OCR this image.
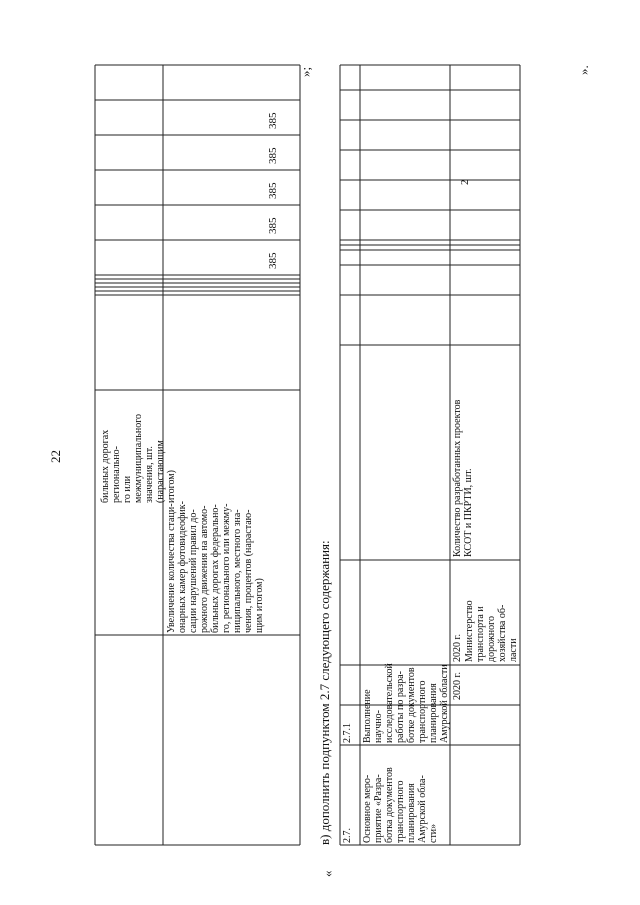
22
«
»;	».
бильных дорогах регионально-
го или межмуниципального
значения, шт. (нарастающим
итогом)
Увеличение количества стаци-
онарных камер фотовидеофик-
сации нарушений правил до-
рожного движения на автомо-
бильных дорогах федерально-
го, регионального или межму-
ниципального, местного зна-
чения, процентов (нарастаю-
щим итогом)
385
385
385
385
385
в) дополнить подпунктом 2.7 следующего содержания: 2.7. Основное меро-
приятие «Разра-
ботка документов
транспортного
планирования
Амурской обла-
сти»
2.7.1 Выполнение
научно-
исследовательской
работы по разра-
ботке документов
транспортного
планирования
Амурской области 2020 г.
2020 г. Министерство
транспорта и
дорожного
хозяйства об-
ласти
Количество разработанных проектов
КСОТ и ПКРТИ, шт.
2
